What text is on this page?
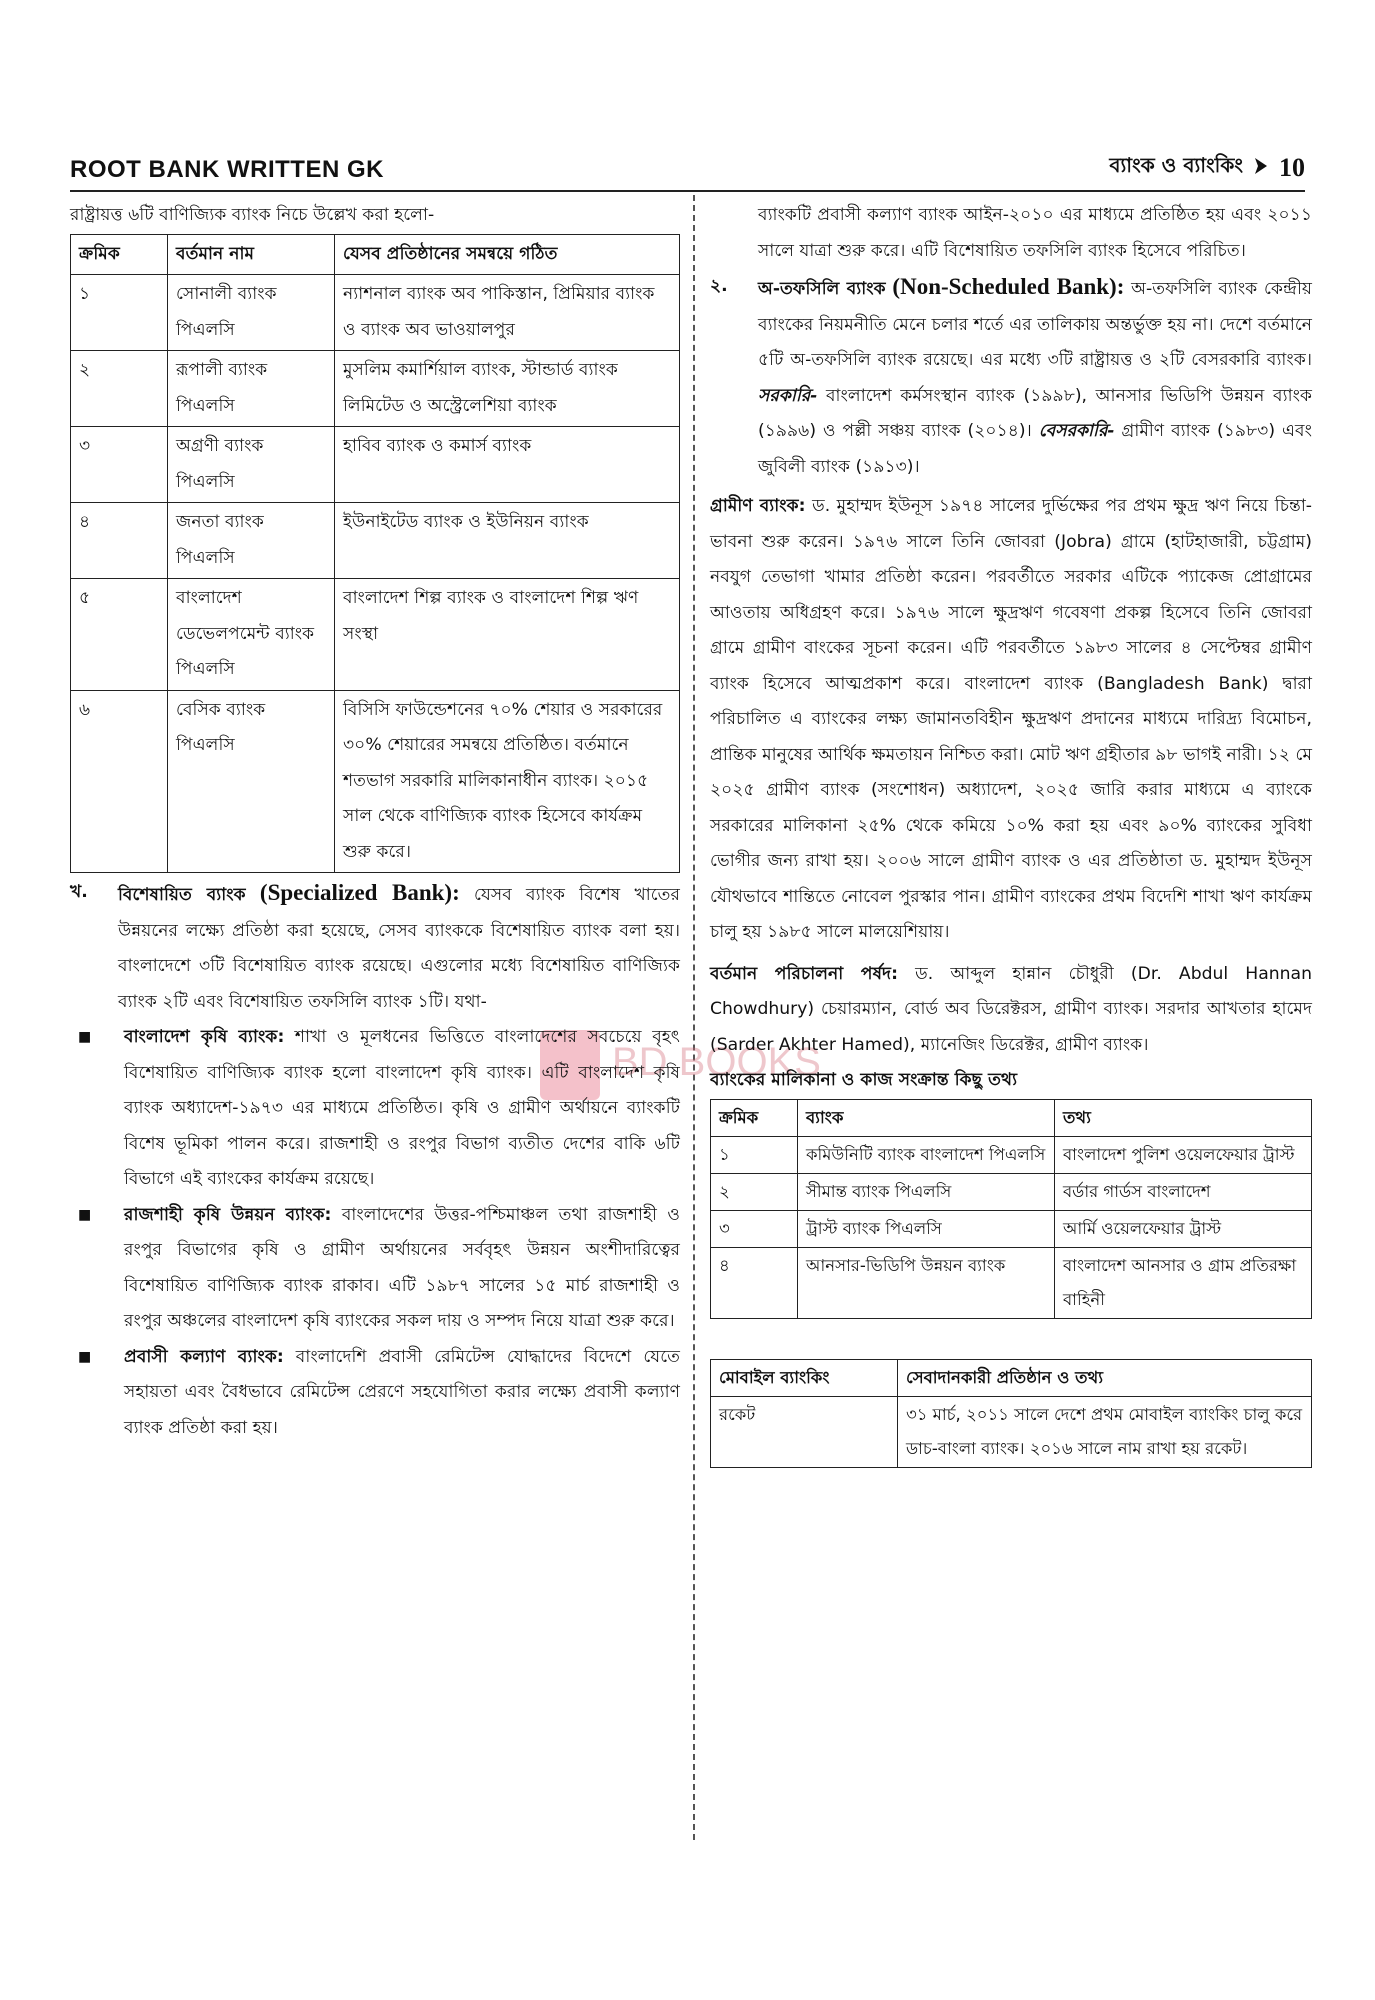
ROOT BANK WRITTEN GK	ব্যাংক ও ব্যাংকিং 10
BD BOOKS

রাষ্ট্রায়ত্ত ৬টি বাণিজ্যিক ব্যাংক নিচে উল্লেখ করা হলো-

ক্রমিক	বর্তমান নাম	যেসব প্রতিষ্ঠানের সমন্বয়ে গঠিত
১	সোনালী ব্যাংক পিএলসি	ন্যাশনাল ব্যাংক অব পাকিস্তান, প্রিমিয়ার ব্যাংক ও ব্যাংক অব ভাওয়ালপুর
২	রূপালী ব্যাংক পিএলসি	মুসলিম কমার্শিয়াল ব্যাংক, স্টান্ডার্ড ব্যাংক লিমিটেড ও অস্ট্রেলেশিয়া ব্যাংক
৩	অগ্রণী ব্যাংক পিএলসি	হাবিব ব্যাংক ও কমার্স ব্যাংক
৪	জনতা ব্যাংক পিএলসি	ইউনাইটেড ব্যাংক ও ইউনিয়ন ব্যাংক
৫	বাংলাদেশ ডেভেলপমেন্ট ব্যাংক পিএলসি	বাংলাদেশ শিল্প ব্যাংক ও বাংলাদেশ শিল্প ঋণ সংস্থা
৬	বেসিক ব্যাংক পিএলসি	বিসিসি ফাউন্ডেশনের ৭০% শেয়ার ও সরকারের ৩০% শেয়ারের সমন্বয়ে প্রতিষ্ঠিত। বর্তমানে শতভাগ সরকারি মালিকানাধীন ব্যাংক। ২০১৫ সাল থেকে বাণিজ্যিক ব্যাংক হিসেবে কার্যক্রম শুরু করে।
খ.	বিশেষায়িত ব্যাংক (Specialized Bank): যেসব ব্যাংক বিশেষ খাতের উন্নয়নের লক্ষ্যে প্রতিষ্ঠা করা হয়েছে, সেসব ব্যাংককে বিশেষায়িত ব্যাংক বলা হয়। বাংলাদেশে ৩টি বিশেষায়িত ব্যাংক রয়েছে। এগুলোর মধ্যে বিশেষায়িত বাণিজ্যিক ব্যাংক ২টি এবং বিশেষায়িত তফসিলি ব্যাংক ১টি। যথা-
■	বাংলাদেশ কৃষি ব্যাংক: শাখা ও মূলধনের ভিত্তিতে বাংলাদেশের সবচেয়ে বৃহৎ বিশেষায়িত বাণিজ্যিক ব্যাংক হলো বাংলাদেশ কৃষি ব্যাংক। এটি বাংলাদেশ কৃষি ব্যাংক অধ্যাদেশ-১৯৭৩ এর মাধ্যমে প্রতিষ্ঠিত। কৃষি ও গ্রামীণ অর্থায়নে ব্যাংকটি বিশেষ ভূমিকা পালন করে। রাজশাহী ও রংপুর বিভাগ ব্যতীত দেশের বাকি ৬টি বিভাগে এই ব্যাংকের কার্যক্রম রয়েছে।
■	রাজশাহী কৃষি উন্নয়ন ব্যাংক: বাংলাদেশের উত্তর-পশ্চিমাঞ্চল তথা রাজশাহী ও রংপুর বিভাগের কৃষি ও গ্রামীণ অর্থায়নের সর্ববৃহৎ উন্নয়ন অংশীদারিত্বের বিশেষায়িত বাণিজ্যিক ব্যাংক রাকাব। এটি ১৯৮৭ সালের ১৫ মার্চ রাজশাহী ও রংপুর অঞ্চলের বাংলাদেশ কৃষি ব্যাংকের সকল দায় ও সম্পদ নিয়ে যাত্রা শুরু করে।
■	প্রবাসী কল্যাণ ব্যাংক: বাংলাদেশি প্রবাসী রেমিটেন্স যোদ্ধাদের বিদেশে যেতে সহায়তা এবং বৈধভাবে রেমিটেন্স প্রেরণে সহযোগিতা করার লক্ষ্যে প্রবাসী কল্যাণ ব্যাংক প্রতিষ্ঠা করা হয়।

ব্যাংকটি প্রবাসী কল্যাণ ব্যাংক আইন-২০১০ এর মাধ্যমে প্রতিষ্ঠিত হয় এবং ২০১১ সালে যাত্রা শুরু করে। এটি বিশেষায়িত তফসিলি ব্যাংক হিসেবে পরিচিত।

২.	অ-তফসিলি ব্যাংক (Non-Scheduled Bank): অ-তফসিলি ব্যাংক কেন্দ্রীয় ব্যাংকের নিয়মনীতি মেনে চলার শর্তে এর তালিকায় অন্তর্ভুক্ত হয় না। দেশে বর্তমানে ৫টি অ-তফসিলি ব্যাংক রয়েছে। এর মধ্যে ৩টি রাষ্ট্রায়ত্ত ও ২টি বেসরকারি ব্যাংক। সরকারি- বাংলাদেশ কর্মসংস্থান ব্যাংক (১৯৯৮), আনসার ভিডিপি উন্নয়ন ব্যাংক (১৯৯৬) ও পল্লী সঞ্চয় ব্যাংক (২০১৪)। বেসরকারি- গ্রামীণ ব্যাংক (১৯৮৩) এবং জুবিলী ব্যাংক (১৯১৩)।

গ্রামীণ ব্যাংক: ড. মুহাম্মদ ইউনূস ১৯৭৪ সালের দুর্ভিক্ষের পর প্রথম ক্ষুদ্র ঋণ নিয়ে চিন্তা-ভাবনা শুরু করেন। ১৯৭৬ সালে তিনি জোবরা (Jobra) গ্রামে (হাটহাজারী, চট্টগ্রাম) নবযুগ তেভাগা খামার প্রতিষ্ঠা করেন। পরবর্তীতে সরকার এটিকে প্যাকেজ প্রোগ্রামের আওতায় অধিগ্রহণ করে। ১৯৭৬ সালে ক্ষুদ্রঋণ গবেষণা প্রকল্প হিসেবে তিনি জোবরা গ্রামে গ্রামীণ বাংকের সূচনা করেন। এটি পরবর্তীতে ১৯৮৩ সালের ৪ সেপ্টেম্বর গ্রামীণ ব্যাংক হিসেবে আত্মপ্রকাশ করে। বাংলাদেশ ব্যাংক (Bangladesh Bank) দ্বারা পরিচালিত এ ব্যাংকের লক্ষ্য জামানতবিহীন ক্ষুদ্রঋণ প্রদানের মাধ্যমে দারিদ্র্য বিমোচন, প্রান্তিক মানুষের আর্থিক ক্ষমতায়ন নিশ্চিত করা। মোট ঋণ গ্রহীতার ৯৮ ভাগই নারী। ১২ মে ২০২৫ গ্রামীণ ব্যাংক (সংশোধন) অধ্যাদেশ, ২০২৫ জারি করার মাধ্যমে এ ব্যাংকে সরকারের মালিকানা ২৫% থেকে কমিয়ে ১০% করা হয় এবং ৯০% ব্যাংকের সুবিধা ভোগীর জন্য রাখা হয়। ২০০৬ সালে গ্রামীণ ব্যাংক ও এর প্রতিষ্ঠাতা ড. মুহাম্মদ ইউনূস যৌথভাবে শান্তিতে নোবেল পুরস্কার পান। গ্রামীণ ব্যাংকের প্রথম বিদেশি শাখা ঋণ কার্যক্রম চালু হয় ১৯৮৫ সালে মালয়েশিয়ায়।

বর্তমান পরিচালনা পর্ষদ: ড. আব্দুল হান্নান চৌধুরী (Dr. Abdul Hannan Chowdhury) চেয়ারম্যান, বোর্ড অব ডিরেক্টরস, গ্রামীণ ব্যাংক। সরদার আখতার হামেদ (Sarder Akhter Hamed), ম্যানেজিং ডিরেক্টর, গ্রামীণ ব্যাংক।

ব্যাংকের মালিকানা ও কাজ সংক্রান্ত কিছু তথ্য
ক্রমিক	ব্যাংক	তথ্য
১	কমিউনিটি ব্যাংক বাংলাদেশ পিএলসি	বাংলাদেশ পুলিশ ওয়েলফেয়ার ট্রাস্ট
২	সীমান্ত ব্যাংক পিএলসি	বর্ডার গার্ডস বাংলাদেশ
৩	ট্রাস্ট ব্যাংক পিএলসি	আর্মি ওয়েলফেয়ার ট্রাস্ট
৪	আনসার-ভিডিপি উন্নয়ন ব্যাংক	বাংলাদেশ আনসার ও গ্রাম প্রতিরক্ষা বাহিনী
মোবাইল ব্যাংকিং	সেবাদানকারী প্রতিষ্ঠান ও তথ্য
রকেট	৩১ মার্চ, ২০১১ সালে দেশে প্রথম মোবাইল ব্যাংকিং চালু করে ডাচ-বাংলা ব্যাংক। ২০১৬ সালে নাম রাখা হয় রকেট।
